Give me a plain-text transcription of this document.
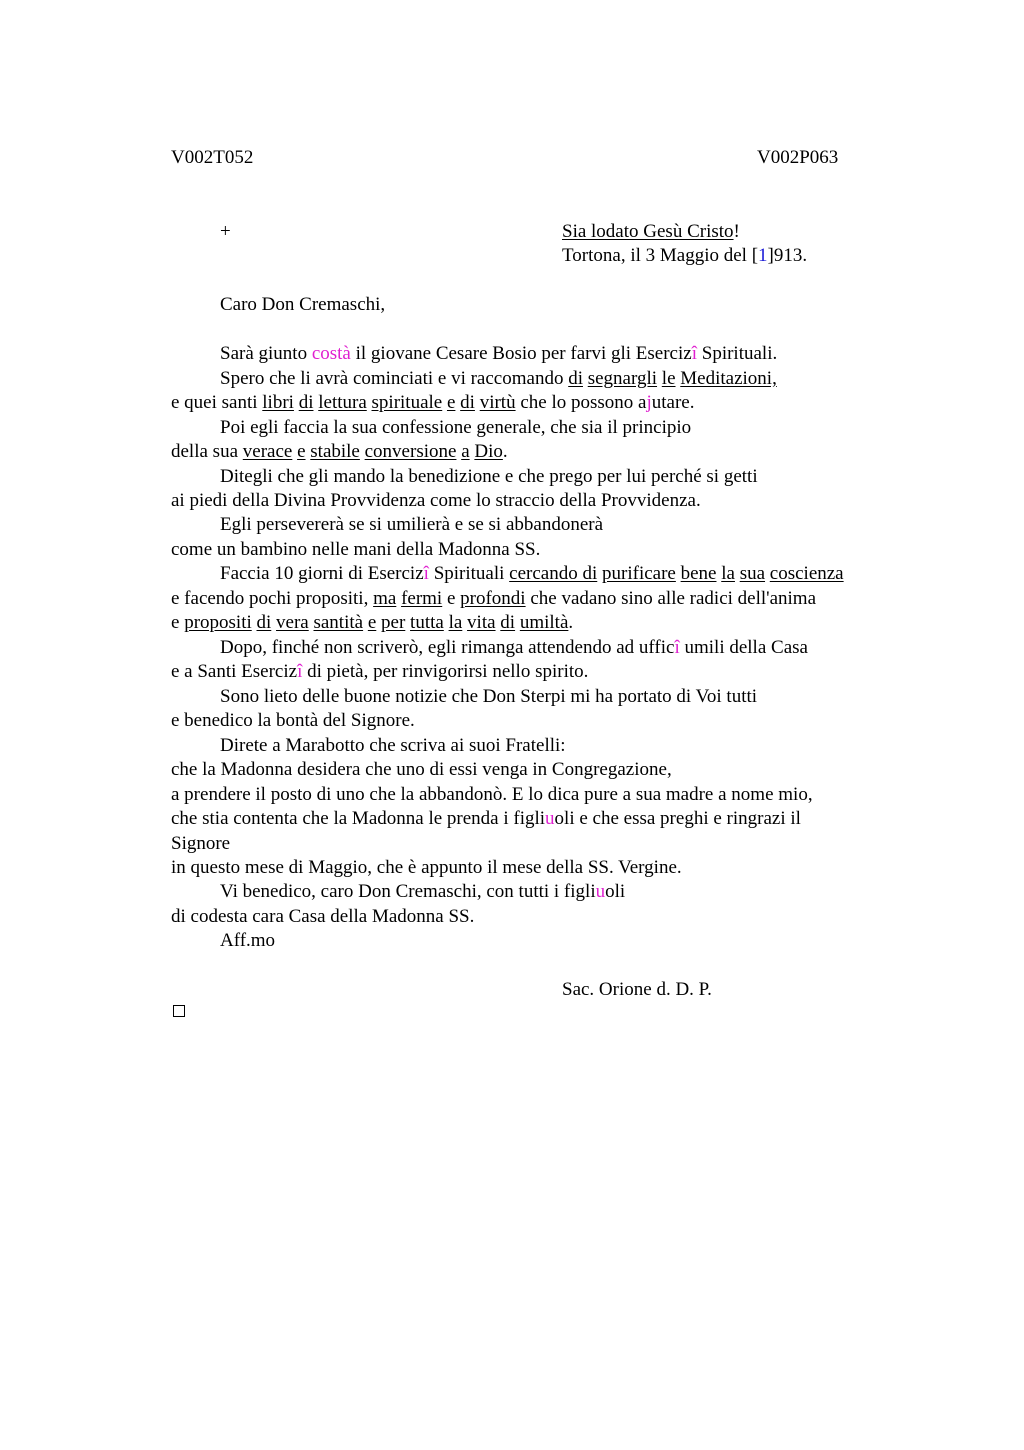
V002T052	V002P063
+	Sia lodato Gesù Cristo!
Tortona, il 3 Maggio del [1]913.
Caro Don Cremaschi,
Sarà giunto costà il giovane Cesare Bosio per farvi gli Esercizî Spirituali.
Spero che li avrà cominciati e vi raccomando di segnargli le Meditazioni,
e quei santi libri di lettura spirituale e di virtù che lo possono ajutare.
Poi egli faccia la sua confessione generale, che sia il principio
della sua verace e stabile conversione a Dio.
Ditegli che gli mando la benedizione e che prego per lui perché si getti
ai piedi della Divina Provvidenza come lo straccio della Provvidenza.
Egli persevererà se si umilierà e se si abbandonerà
come un bambino nelle mani della Madonna SS.
Faccia 10 giorni di Esercizî Spirituali cercando di purificare bene la sua coscienza
e facendo pochi propositi, ma fermi e profondi che vadano sino alle radici dell'anima
e propositi di vera santità e per tutta la vita di umiltà.
Dopo, finché non scriverò, egli rimanga attendendo ad ufficî umili della Casa
e a Santi Esercizî di pietà, per rinvigorirsi nello spirito.
Sono lieto delle buone notizie che Don Sterpi mi ha portato di Voi tutti
e benedico la bontà del Signore.
Direte a Marabotto che scriva ai suoi Fratelli:
che la Madonna desidera che uno di essi venga in Congregazione,
a prendere il posto di uno che la abbandonò. E lo dica pure a sua madre a nome mio,
che stia contenta che la Madonna le prenda i figliuoli e che essa preghi e ringrazi il
Signore
in questo mese di Maggio, che è appunto il mese della SS. Vergine.
Vi benedico, caro Don Cremaschi, con tutti i figliuoli
di codesta cara Casa della Madonna SS.
Aff.mo
Sac. Orione d. D. P.
